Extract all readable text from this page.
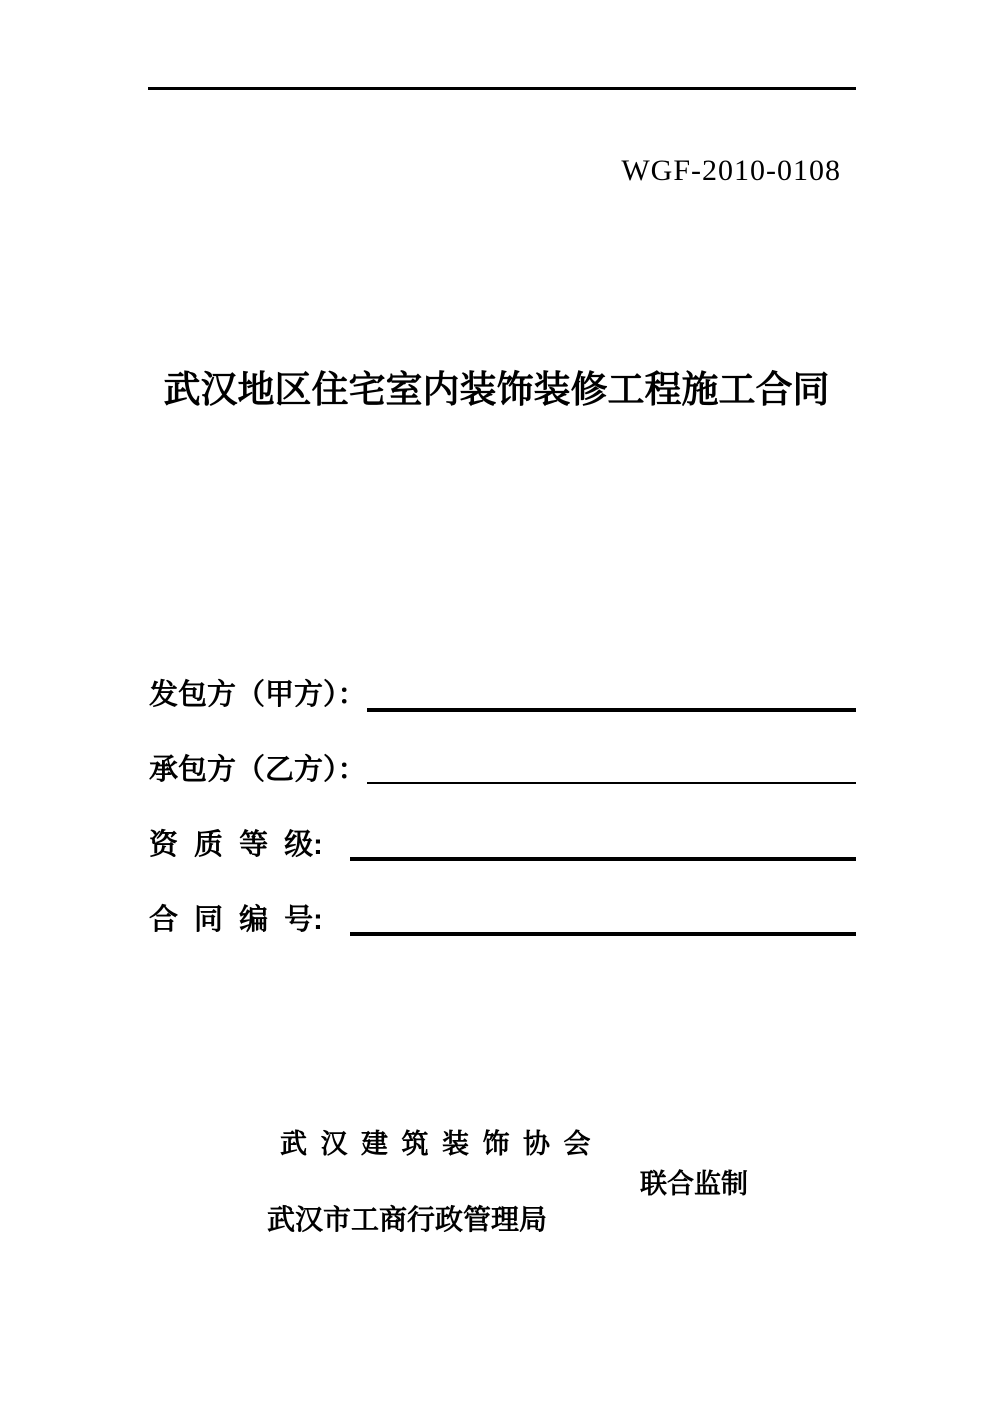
WGF-2010-0108
武汉地区住宅室内装饰装修工程施工合同
发包方（甲方）：
承包方（乙方）：
资 质 等 级:
合 同 编 号:
武 汉 建 筑 装 饰 协 会
联合监制
武汉市工商行政管理局
